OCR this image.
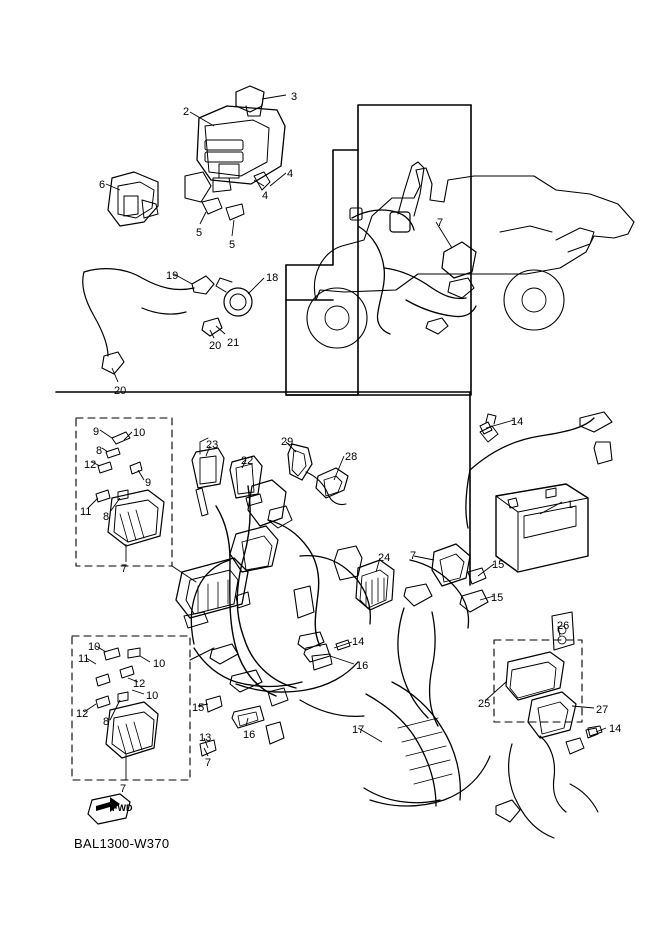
3
2
6
4
4
5
5
7
19	18
21
20
20
14
9	10
8
12
9
11 8
23
22
29
28
1
7
24 7
15
15
26
10
11	10
12
10
12
8
14
16
25	27
14
15
13	16	17
7
7
FWD
BAL1300-W370
